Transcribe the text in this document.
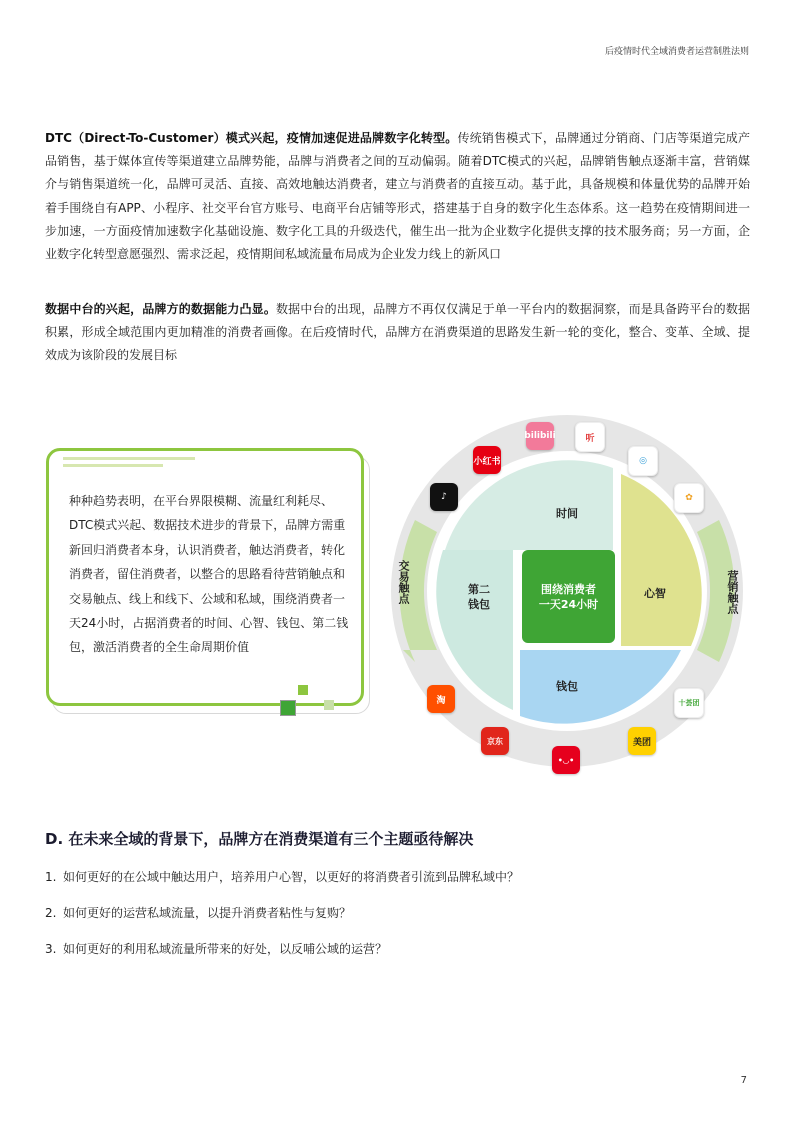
后疫情时代全域消费者运营制胜法则
DTC（Direct-To-Customer）模式兴起，疫情加速促进品牌数字化转型。传统销售模式下，品牌通过分销商、门店等渠道完成产品销售，基于媒体宣传等渠道建立品牌势能，品牌与消费者之间的互动偏弱。随着DTC模式的兴起，品牌销售触点逐渐丰富，营销媒介与销售渠道统一化，品牌可灵活、直接、高效地触达消费者，建立与消费者的直接互动。基于此，具备规模和体量优势的品牌开始着手围绕自有APP、小程序、社交平台官方账号、电商平台店铺等形式，搭建基于自身的数字化生态体系。这一趋势在疫情期间进一步加速，一方面疫情加速数字化基础设施、数字化工具的升级迭代，催生出一批为企业数字化提供支撑的技术服务商；另一方面，企业数字化转型意愿强烈、需求泛起，疫情期间私域流量布局成为企业发力线上的新风口
数据中台的兴起，品牌方的数据能力凸显。数据中台的出现，品牌方不再仅仅满足于单一平台内的数据洞察，而是具备跨平台的数据积累，形成全域范围内更加精准的消费者画像。在后疫情时代，品牌方在消费渠道的思路发生新一轮的变化，整合、变革、全域、提效成为该阶段的发展目标
种种趋势表明，在平台界限模糊、流量红利耗尽、DTC模式兴起、数据技术进步的背景下，品牌方需重新回归消费者本身，认识消费者，触达消费者，转化消费者，留住消费者，以整合的思路看待营销触点和交易触点、线上和线下、公域和私域，围绕消费者一天24小时，占据消费者的时间、心智、钱包、第二钱包，激活消费者的全生命周期价值
时间
心智
钱包
第二
钱包
围绕消费者
一天24小时
交易触点	营销触点
bilibili	听
小红书	◎
♪	✿
淘	十荟团
京东	美团
•◡•
D. 在未来全域的背景下，品牌方在消费渠道有三个主题亟待解决
1. 如何更好的在公域中触达用户，培养用户心智，以更好的将消费者引流到品牌私域中？
2. 如何更好的运营私域流量，以提升消费者粘性与复购？
3. 如何更好的利用私域流量所带来的好处，以反哺公域的运营？
7
